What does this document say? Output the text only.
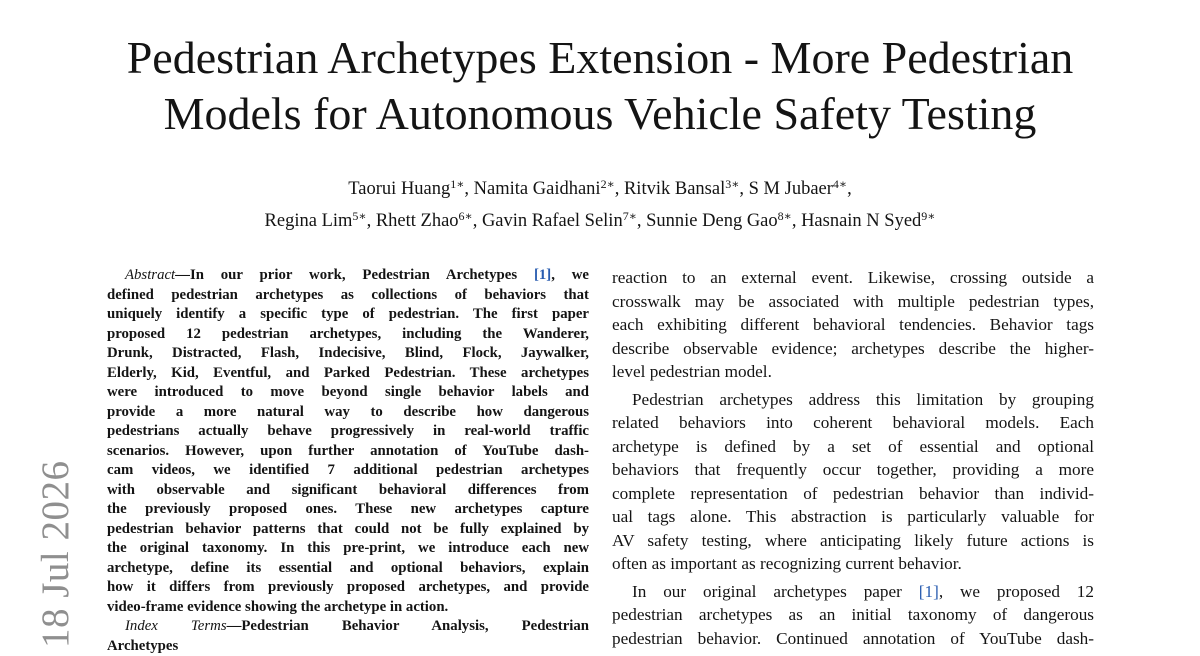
Pedestrian Archetypes Extension - More Pedestrian
Models for Autonomous Vehicle Safety Testing
Taorui Huang$^{1∗}$, Namita Gaidhani$^{2∗}$, Ritvik Bansal$^{3∗}$, S M Jubaer$^{4∗}$,
Regina Lim$^{5∗}$, Rhett Zhao$^{6∗}$, Gavin Rafael Selin$^{7∗}$, Sunnie Deng Gao$^{8∗}$, Hasnain N Syed$^{9∗}$
18 Jul 2026
Abstract—In our prior work, Pedestrian Archetypes [1], we
defined pedestrian archetypes as collections of behaviors that
uniquely identify a specific type of pedestrian. The first paper
proposed 12 pedestrian archetypes, including the Wanderer,
Drunk, Distracted, Flash, Indecisive, Blind, Flock, Jaywalker,
Elderly, Kid, Eventful, and Parked Pedestrian. These archetypes
were introduced to move beyond single behavior labels and
provide a more natural way to describe how dangerous
pedestrians actually behave progressively in real-world traffic
scenarios. However, upon further annotation of YouTube dash-
cam videos, we identified 7 additional pedestrian archetypes
with observable and significant behavioral differences from
the previously proposed ones. These new archetypes capture
pedestrian behavior patterns that could not be fully explained by
the original taxonomy. In this pre-print, we introduce each new
archetype, define its essential and optional behaviors, explain
how it differs from previously proposed archetypes, and provide
video-frame evidence showing the archetype in action.
Index Terms—Pedestrian Behavior Analysis, Pedestrian
Archetypes
reaction to an external event. Likewise, crossing outside a
crosswalk may be associated with multiple pedestrian types,
each exhibiting different behavioral tendencies. Behavior tags
describe observable evidence; archetypes describe the higher-
level pedestrian model.
Pedestrian archetypes address this limitation by grouping
related behaviors into coherent behavioral models. Each
archetype is defined by a set of essential and optional
behaviors that frequently occur together, providing a more
complete representation of pedestrian behavior than individ-
ual tags alone. This abstraction is particularly valuable for
AV safety testing, where anticipating likely future actions is
often as important as recognizing current behavior.
In our original archetypes paper [1], we proposed 12
pedestrian archetypes as an initial taxonomy of dangerous
pedestrian behavior. Continued annotation of YouTube dash-
